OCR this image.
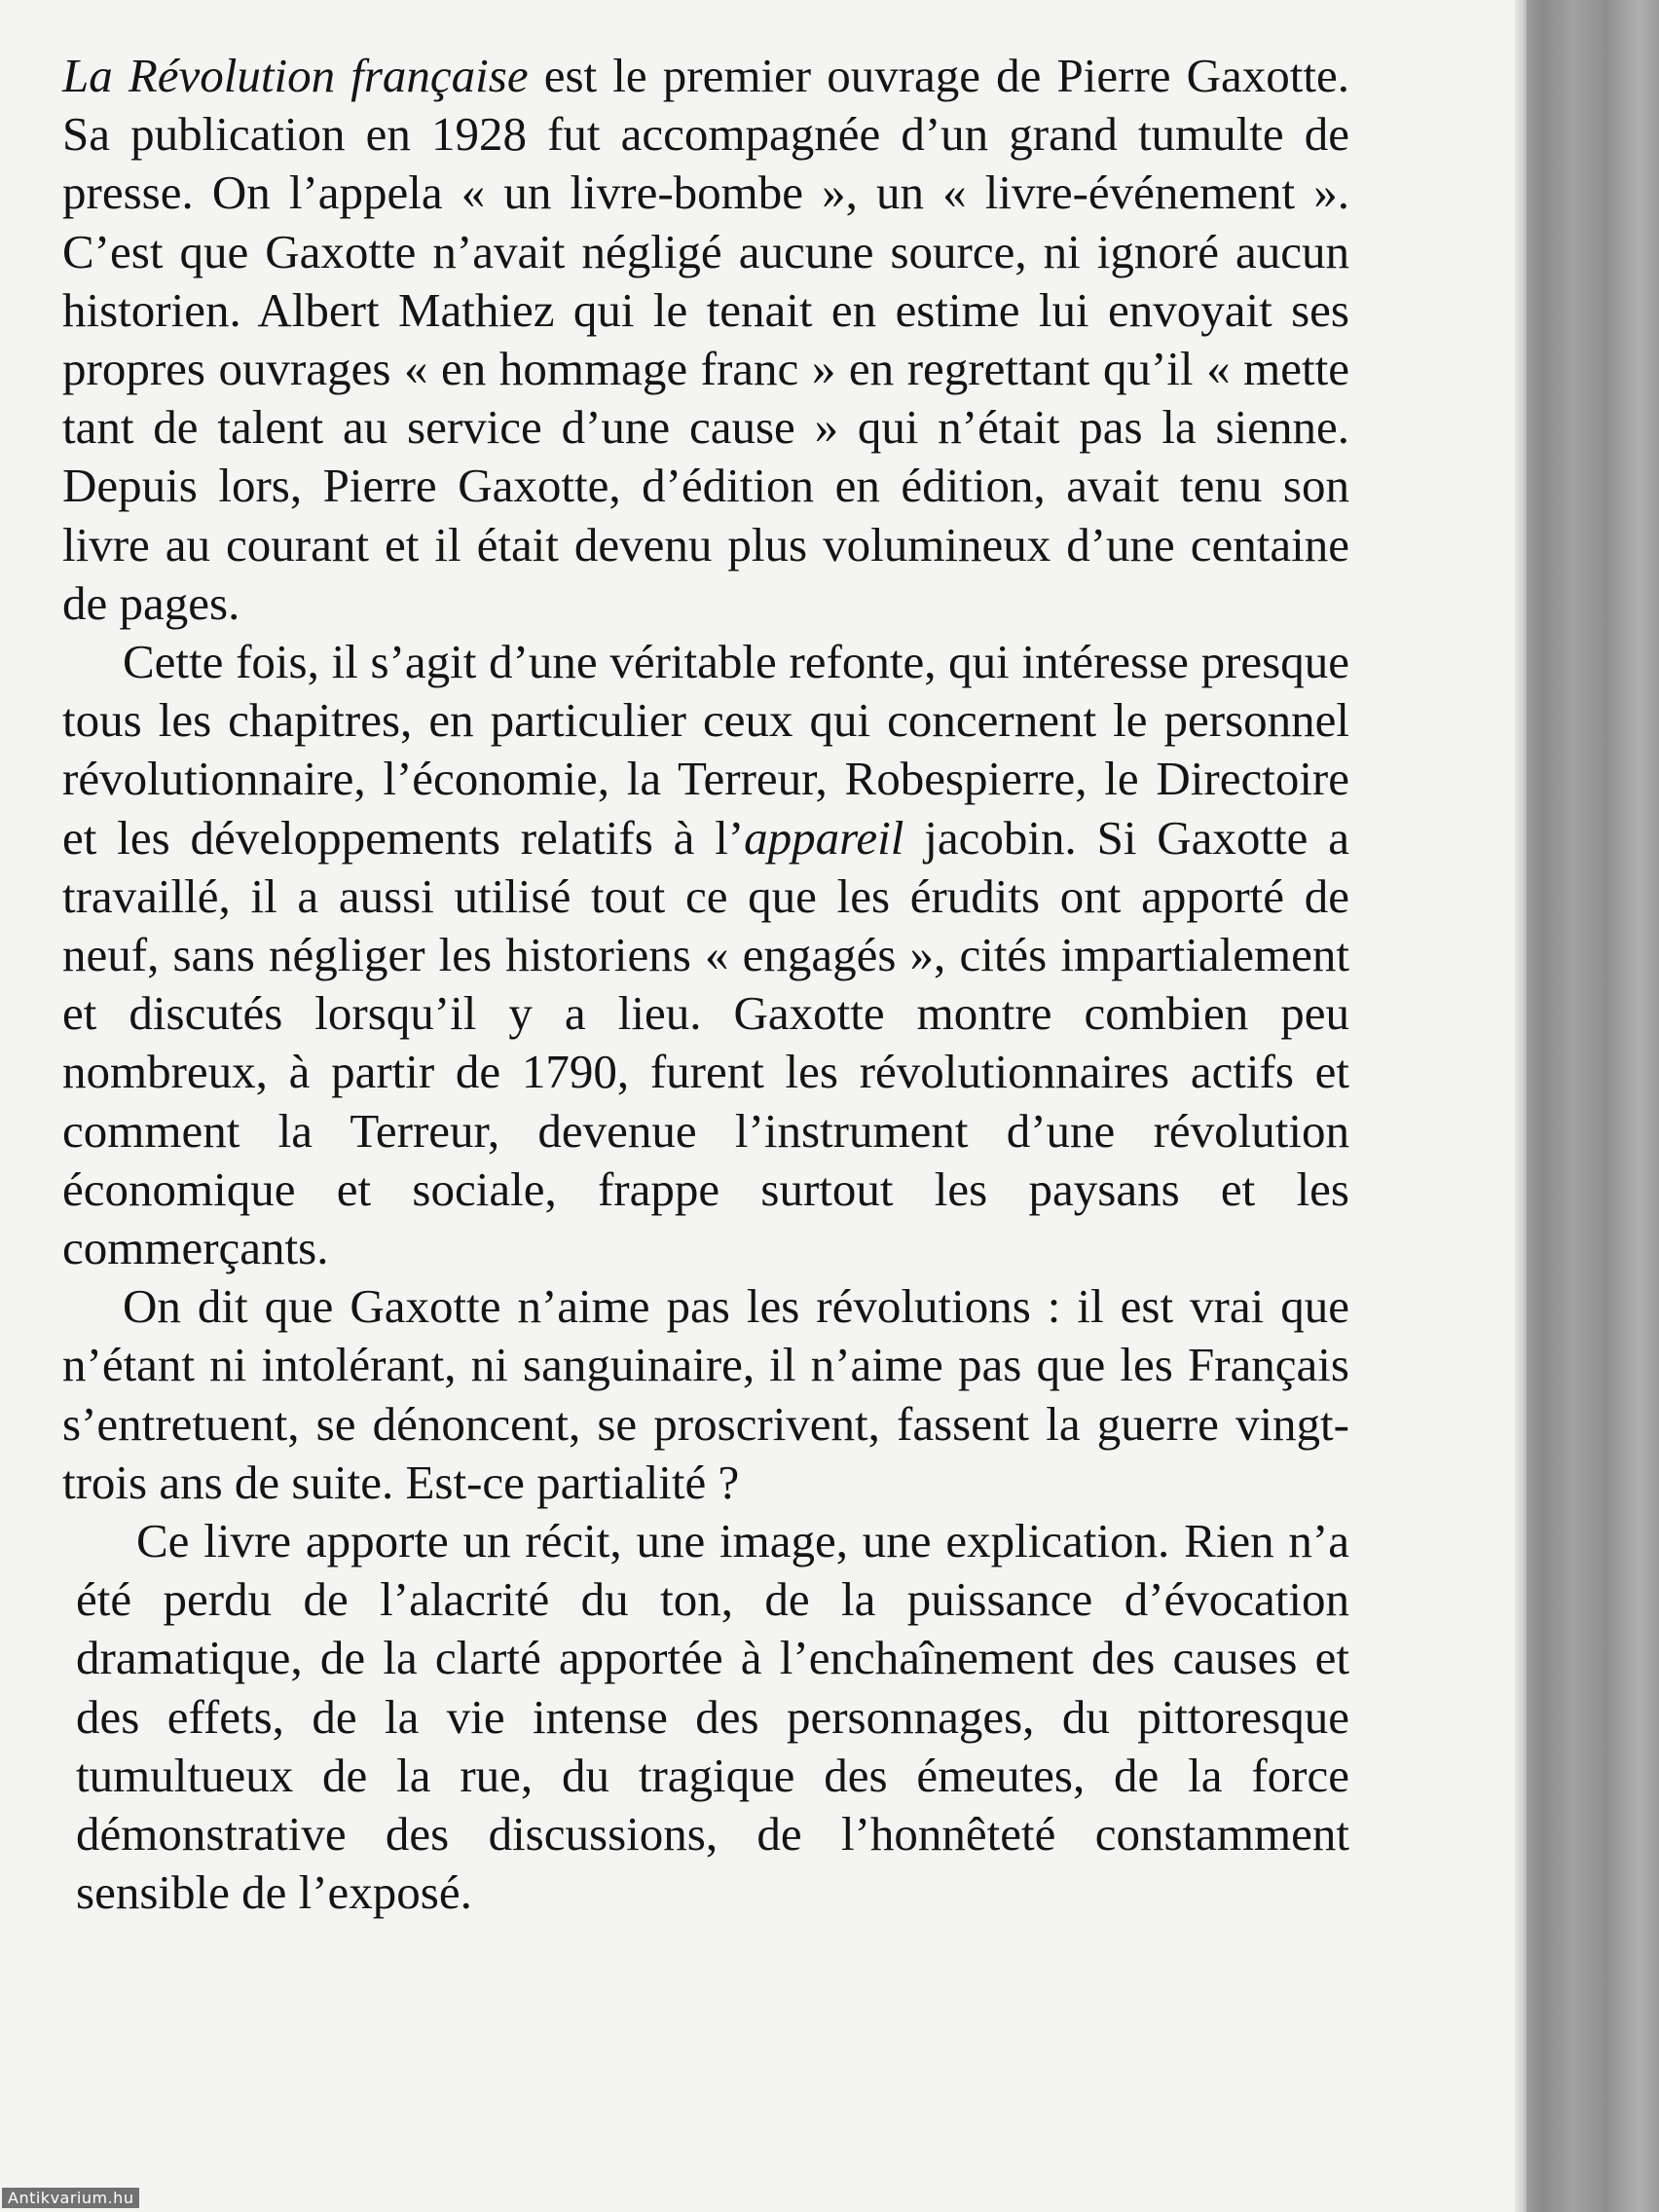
La Révolution française est le premier ouvrage de Pierre Gaxotte. Sa publication en 1928 fut accompagnée d’un grand tumulte de presse. On l’appela « un livre-bombe », un « livre-événement ». C’est que Gaxotte n’avait négligé aucune source, ni ignoré aucun historien. Albert Mathiez qui le tenait en estime lui envoyait ses propres ouvrages « en hommage franc » en regrettant qu’il « mette tant de talent au service d’une cause » qui n’était pas la sienne. Depuis lors, Pierre Gaxotte, d’édition en édition, avait tenu son livre au courant et il était devenu plus volumineux d’une centaine de pages.

Cette fois, il s’agit d’une véritable refonte, qui intéresse presque tous les chapitres, en particulier ceux qui concernent le personnel révolutionnaire, l’économie, la Terreur, Robespierre, le Directoire et les développements relatifs à l’appareil jacobin. Si Gaxotte a travaillé, il a aussi utilisé tout ce que les érudits ont apporté de neuf, sans négliger les historiens « engagés », cités impartialement et discutés lorsqu’il y a lieu. Gaxotte montre combien peu nombreux, à partir de 1790, furent les révolutionnaires actifs et comment la Terreur, devenue l’instrument d’une révolution économique et sociale, frappe surtout les paysans et les commerçants.

On dit que Gaxotte n’aime pas les révolutions : il est vrai que n’étant ni intolérant, ni sanguinaire, il n’aime pas que les Français s’entretuent, se dénoncent, se proscrivent, fassent la guerre vingt-trois ans de suite. Est-ce partialité ?

Ce livre apporte un récit, une image, une explication. Rien n’a été perdu de l’alacrité du ton, de la puissance d’évocation dramatique, de la clarté apportée à l’enchaînement des causes et des effets, de la vie intense des personnages, du pittoresque tumultueux de la rue, du tragique des émeutes, de la force démonstrative des discussions, de l’honnêteté constamment sensible de l’exposé.

Antikvarium.hu
